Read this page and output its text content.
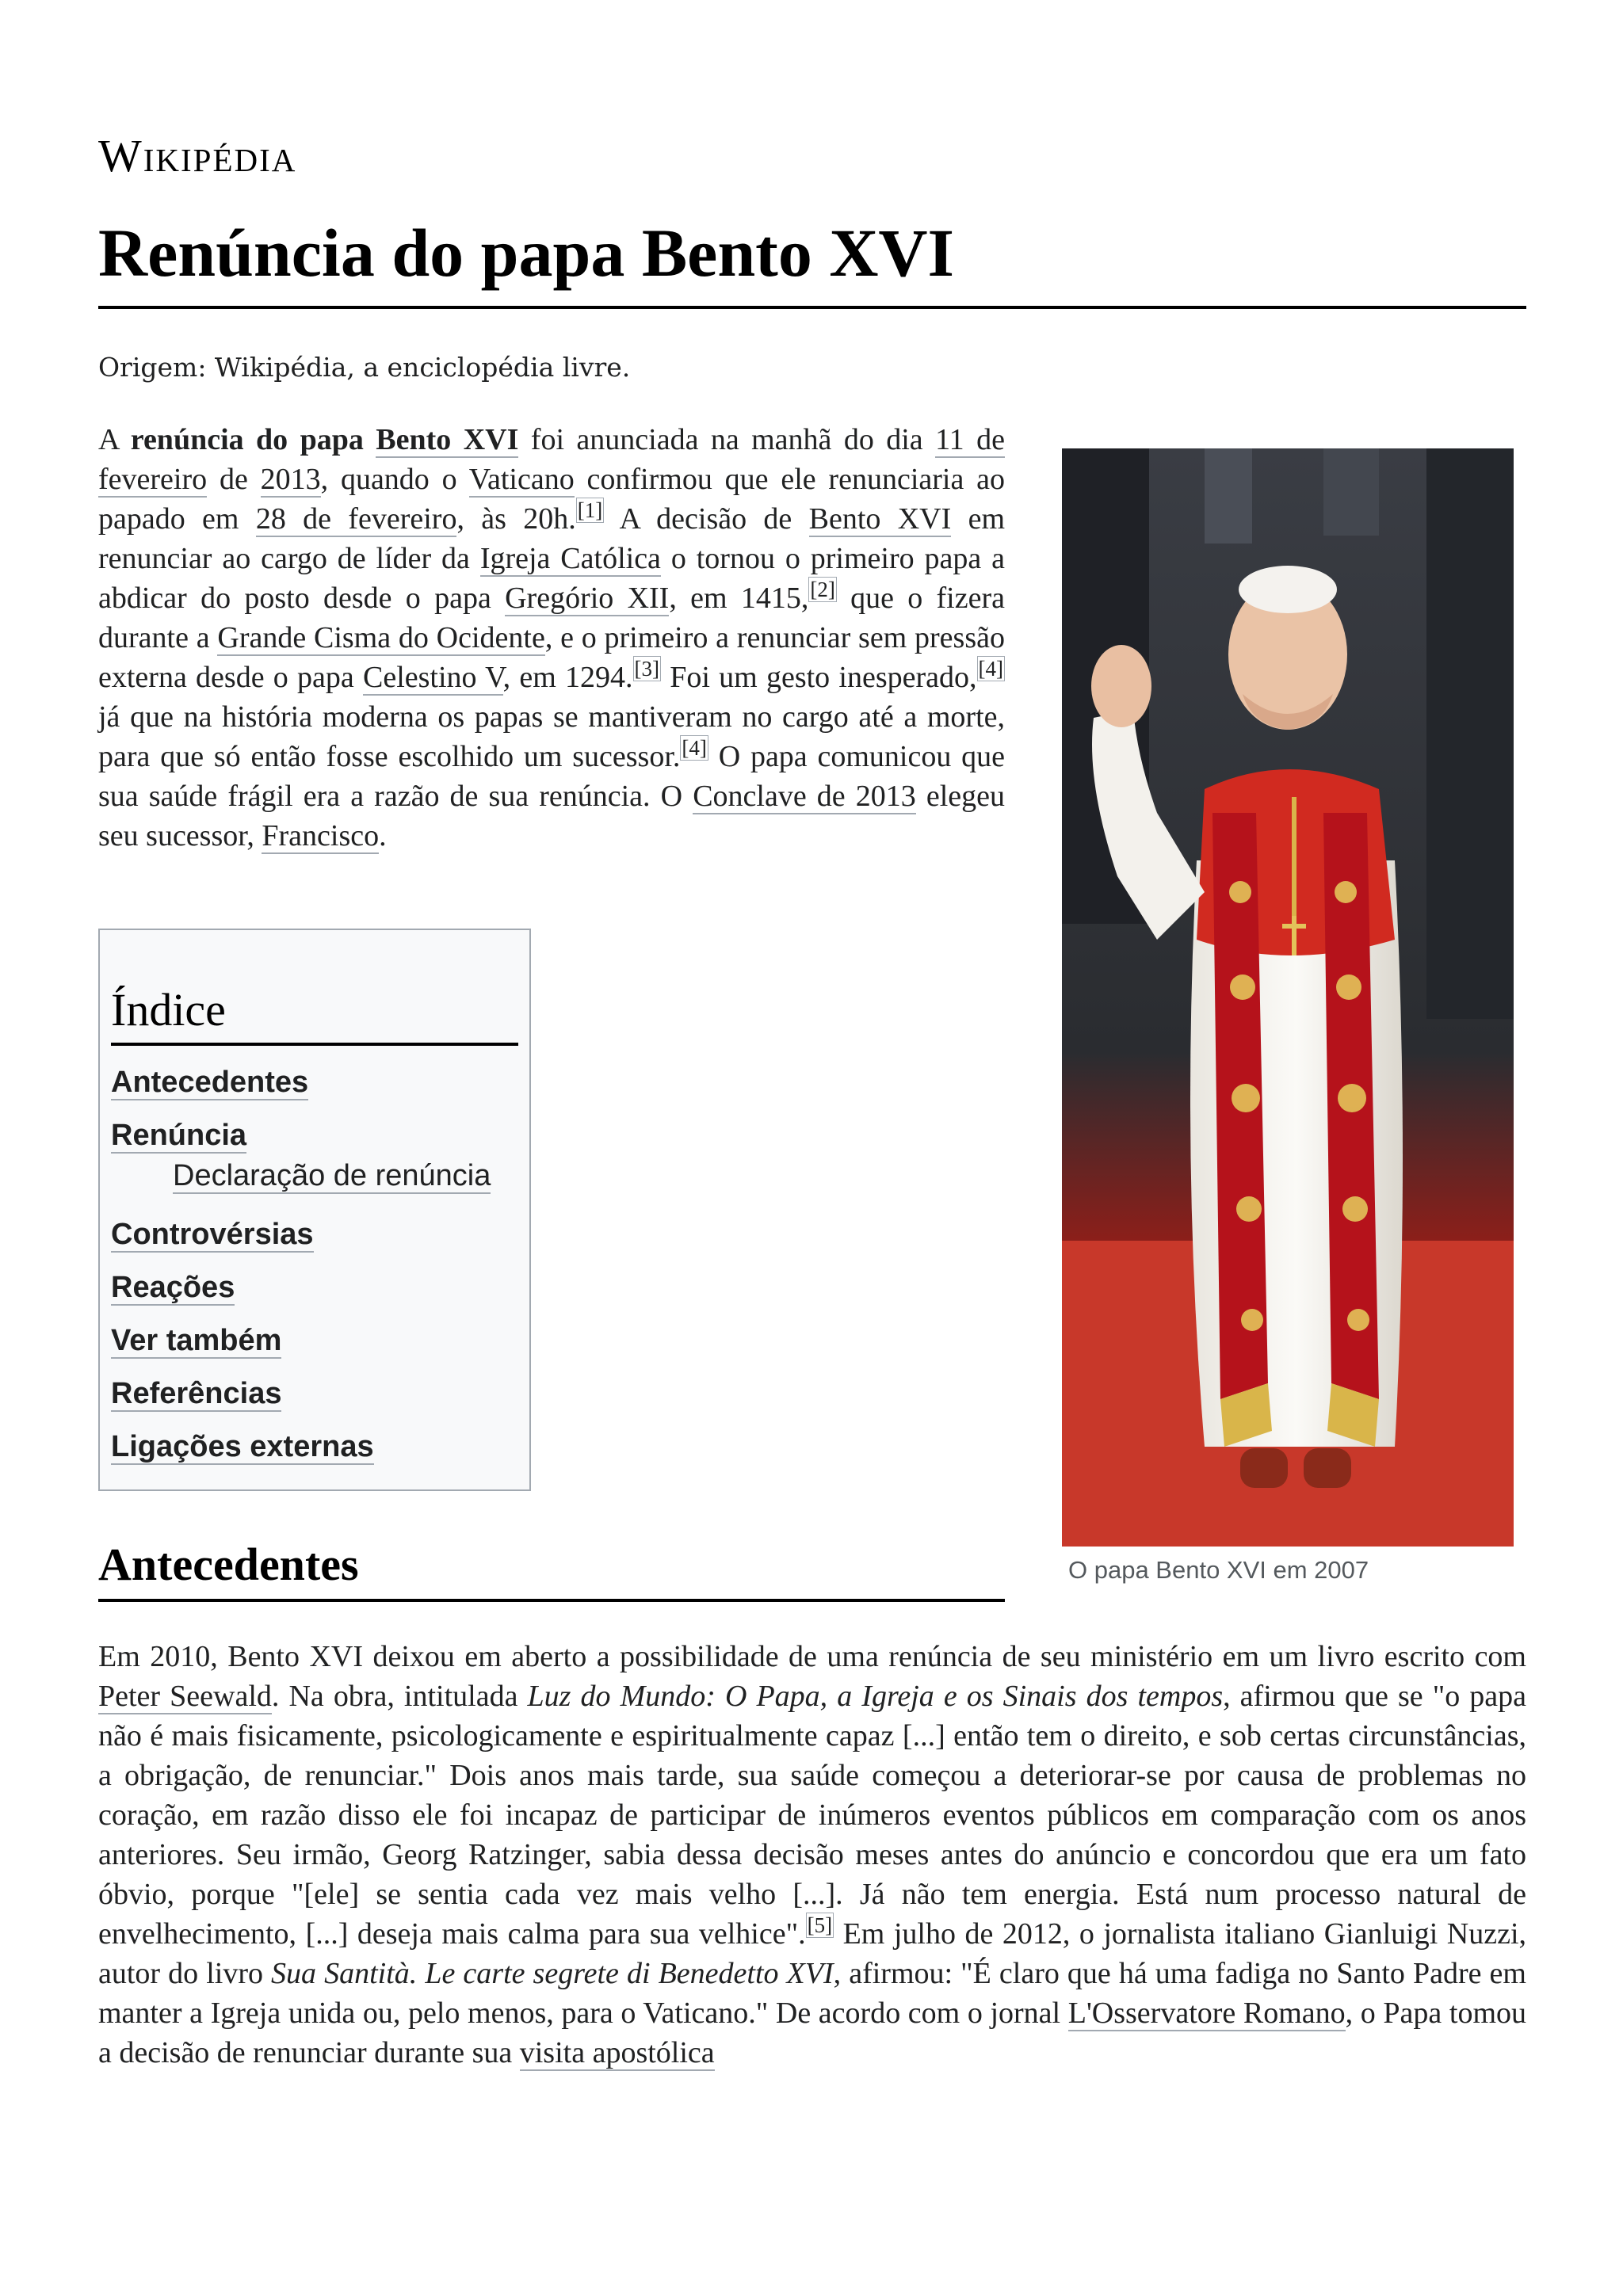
Wikipédia
Renúncia do papa Bento XVI
Origem: Wikipédia, a enciclopédia livre.

A renúncia do papa Bento XVI foi anunciada na manhã do dia 11 de fevereiro de 2013, quando o Vaticano confirmou que ele renunciaria ao papado em 28 de fevereiro, às 20h.[1] A decisão de Bento XVI em renunciar ao cargo de líder da Igreja Católica o tornou o primeiro papa a abdicar do posto desde o papa Gregório XII, em 1415,[2] que o fizera durante a Grande Cisma do Ocidente, e o primeiro a renunciar sem pressão externa desde o papa Celestino V, em 1294.[3] Foi um gesto inesperado,[4] já que na história moderna os papas se mantiveram no cargo até a morte, para que só então fosse escolhido um sucessor.[4] O papa comunicou que sua saúde frágil era a razão de sua renúncia. O Conclave de 2013 elegeu seu sucessor, Francisco.

O papa Bento XVI em 2007
Índice
Antecedentes
Renúncia
Declaração de renúncia
Controvérsias
Reações
Ver também
Referências
Ligações externas
Antecedentes

Em 2010, Bento XVI deixou em aberto a possibilidade de uma renúncia de seu ministério em um livro escrito com Peter Seewald. Na obra, intitulada Luz do Mundo: O Papa, a Igreja e os Sinais dos tempos, afirmou que se "o papa não é mais fisicamente, psicologicamente e espiritualmente capaz [...] então tem o direito, e sob certas circunstâncias, a obrigação, de renunciar." Dois anos mais tarde, sua saúde começou a deteriorar-se por causa de problemas no coração, em razão disso ele foi incapaz de participar de inúmeros eventos públicos em comparação com os anos anteriores. Seu irmão, Georg Ratzinger, sabia dessa decisão meses antes do anúncio e concordou que era um fato óbvio, porque "[ele] se sentia cada vez mais velho [...]. Já não tem energia. Está num processo natural de envelhecimento, [...] deseja mais calma para sua velhice".[5] Em julho de 2012, o jornalista italiano Gianluigi Nuzzi, autor do livro Sua Santità. Le carte segrete di Benedetto XVI, afirmou: "É claro que há uma fadiga no Santo Padre em manter a Igreja unida ou, pelo menos, para o Vaticano." De acordo com o jornal L'Osservatore Romano, o Papa tomou a decisão de renunciar durante sua visita apostólica
